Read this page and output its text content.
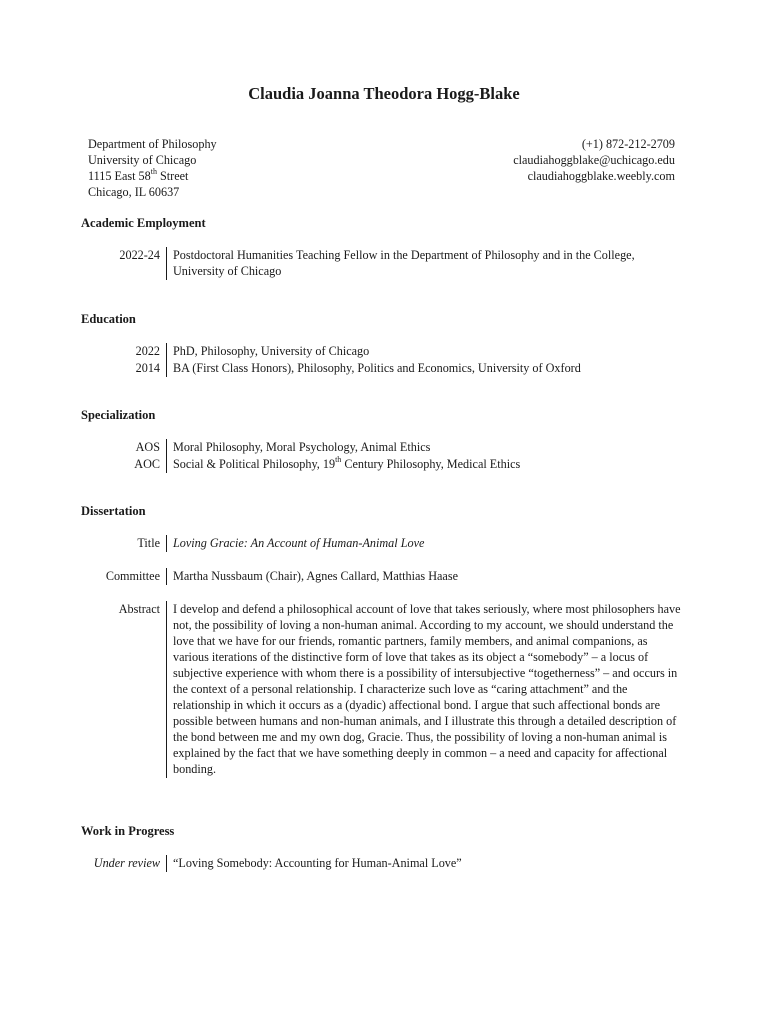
Claudia Joanna Theodora Hogg-Blake
Department of Philosophy
University of Chicago
1115 East 58th Street
Chicago, IL 60637
(+1) 872-212-2709
claudiahoggblake@uchicago.edu
claudiahoggblake.weebly.com
Academic Employment
2022-24	Postdoctoral Humanities Teaching Fellow in the Department of Philosophy and in the College, University of Chicago
Education
2022	PhD, Philosophy, University of Chicago
2014	BA (First Class Honors), Philosophy, Politics and Economics, University of Oxford
Specialization
AOS	Moral Philosophy, Moral Psychology, Animal Ethics
AOC	Social & Political Philosophy, 19th Century Philosophy, Medical Ethics
Dissertation
Title	Loving Gracie: An Account of Human-Animal Love
Committee	Martha Nussbaum (Chair), Agnes Callard, Matthias Haase
Abstract	I develop and defend a philosophical account of love that takes seriously, where most philosophers have not, the possibility of loving a non-human animal. According to my account, we should understand the love that we have for our friends, romantic partners, family members, and animal companions, as various iterations of the distinctive form of love that takes as its object a “somebody” – a locus of subjective experience with whom there is a possibility of intersubjective “togetherness” – and occurs in the context of a personal relationship. I characterize such love as “caring attachment” and the relationship in which it occurs as a (dyadic) affectional bond. I argue that such affectional bonds are possible between humans and non-human animals, and I illustrate this through a detailed description of the bond between me and my own dog, Gracie. Thus, the possibility of loving a non-human animal is explained by the fact that we have something deeply in common – a need and capacity for affectional bonding.
Work in Progress
Under review	“Loving Somebody: Accounting for Human-Animal Love”
